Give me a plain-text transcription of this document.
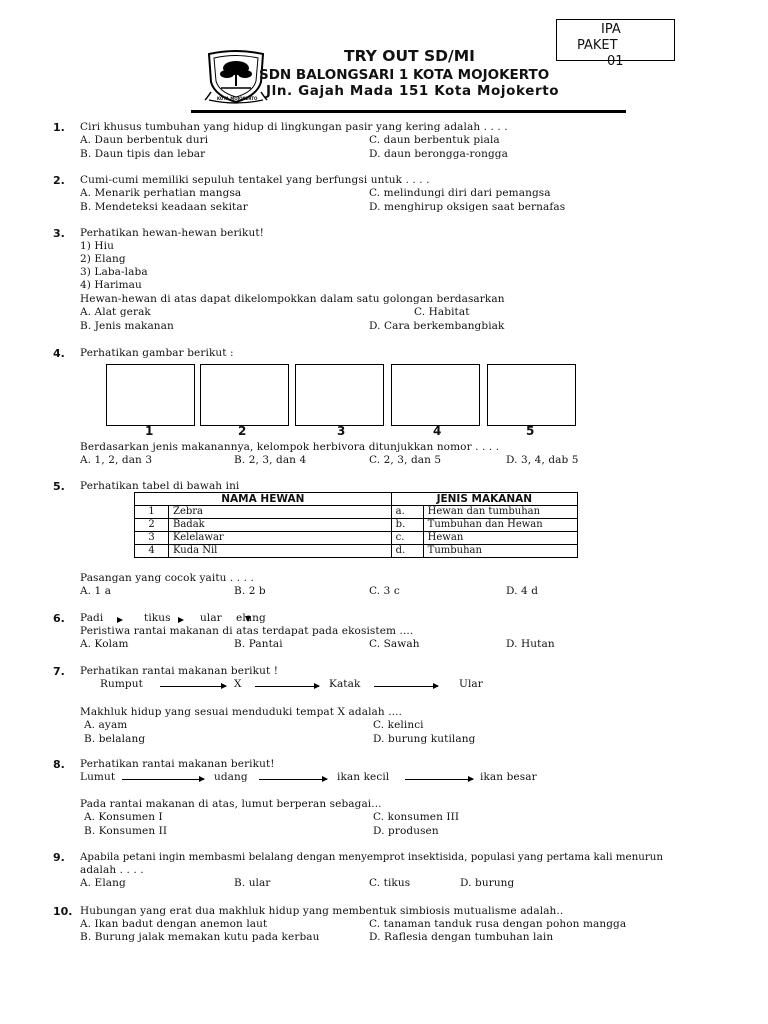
IPA
PAKET
01
KOTA MOJOKERTO
TRY OUT SD/MI
SDN BALONGSARI 1 KOTA MOJOKERTO
Jln. Gajah Mada 151 Kota Mojokerto
1. Ciri khusus tumbuhan yang hidup di lingkungan pasir yang kering adalah . . . .
A. Daun berbentuk duri	C. daun berbentuk piala
B. Daun tipis dan lebar	D. daun berongga-rongga
2. Cumi-cumi memiliki sepuluh tentakel yang berfungsi untuk . . . .
A. Menarik perhatian mangsa	C. melindungi diri dari pemangsa
B. Mendeteksi keadaan sekitar	D. menghirup oksigen saat bernafas
3. Perhatikan hewan-hewan berikut!
1) Hiu
2) Elang
3) Laba-laba
4) Harimau
Hewan-hewan di atas dapat dikelompokkan dalam satu golongan berdasarkan
A. Alat gerak	C. Habitat
B. Jenis makanan	D. Cara berkembangbiak
4. Perhatikan gambar berikut :
1	2	3	4	5
Berdasarkan jenis makanannya, kelompok herbivora ditunjukkan nomor . . . .
A. 1, 2, dan 3	B. 2, 3, dan 4	C. 2, 3, dan 5	D. 3, 4, dab 5
5. Perhatikan tabel di bawah ini
NAMA HEWAN		JENIS MAKANAN	
1	Zebra	a.	Hewan dan tumbuhan
2	Badak	b.	Tumbuhan dan Hewan
3	Kelelawar	c.	Hewan
4	Kuda Nil	d.	Tumbuhan
Pasangan yang cocok yaitu . . . .
A. 1 a	B. 2 b	C. 3 c	D. 4 d
6. Padi	tikus	ular elang
Peristiwa rantai makanan di atas terdapat pada ekosistem ....
A. Kolam	B. Pantai	C. Sawah	D. Hutan
7. Perhatikan rantai makanan berikut !
Rumput	X	Katak	Ular
Makhluk hidup yang sesuai menduduki tempat X adalah ....
A. ayam	C. kelinci
B. belalang	D. burung kutilang
8. Perhatikan rantai makanan berikut!
Lumut	udang	ikan kecil	ikan besar
Pada rantai makanan di atas, lumut berperan sebagai...
A. Konsumen I	C. konsumen III
B. Konsumen II	D. produsen
9. Apabila petani ingin membasmi belalang dengan menyemprot insektisida, populasi yang pertama kali menurun
adalah . . . .
A. Elang	B. ular	C. tikus	D. burung
10. Hubungan yang erat dua makhluk hidup yang membentuk simbiosis mutualisme adalah..
A. Ikan badut dengan anemon laut	C. tanaman tanduk rusa dengan pohon mangga
B. Burung jalak memakan kutu pada kerbau	D. Raflesia dengan tumbuhan lain
